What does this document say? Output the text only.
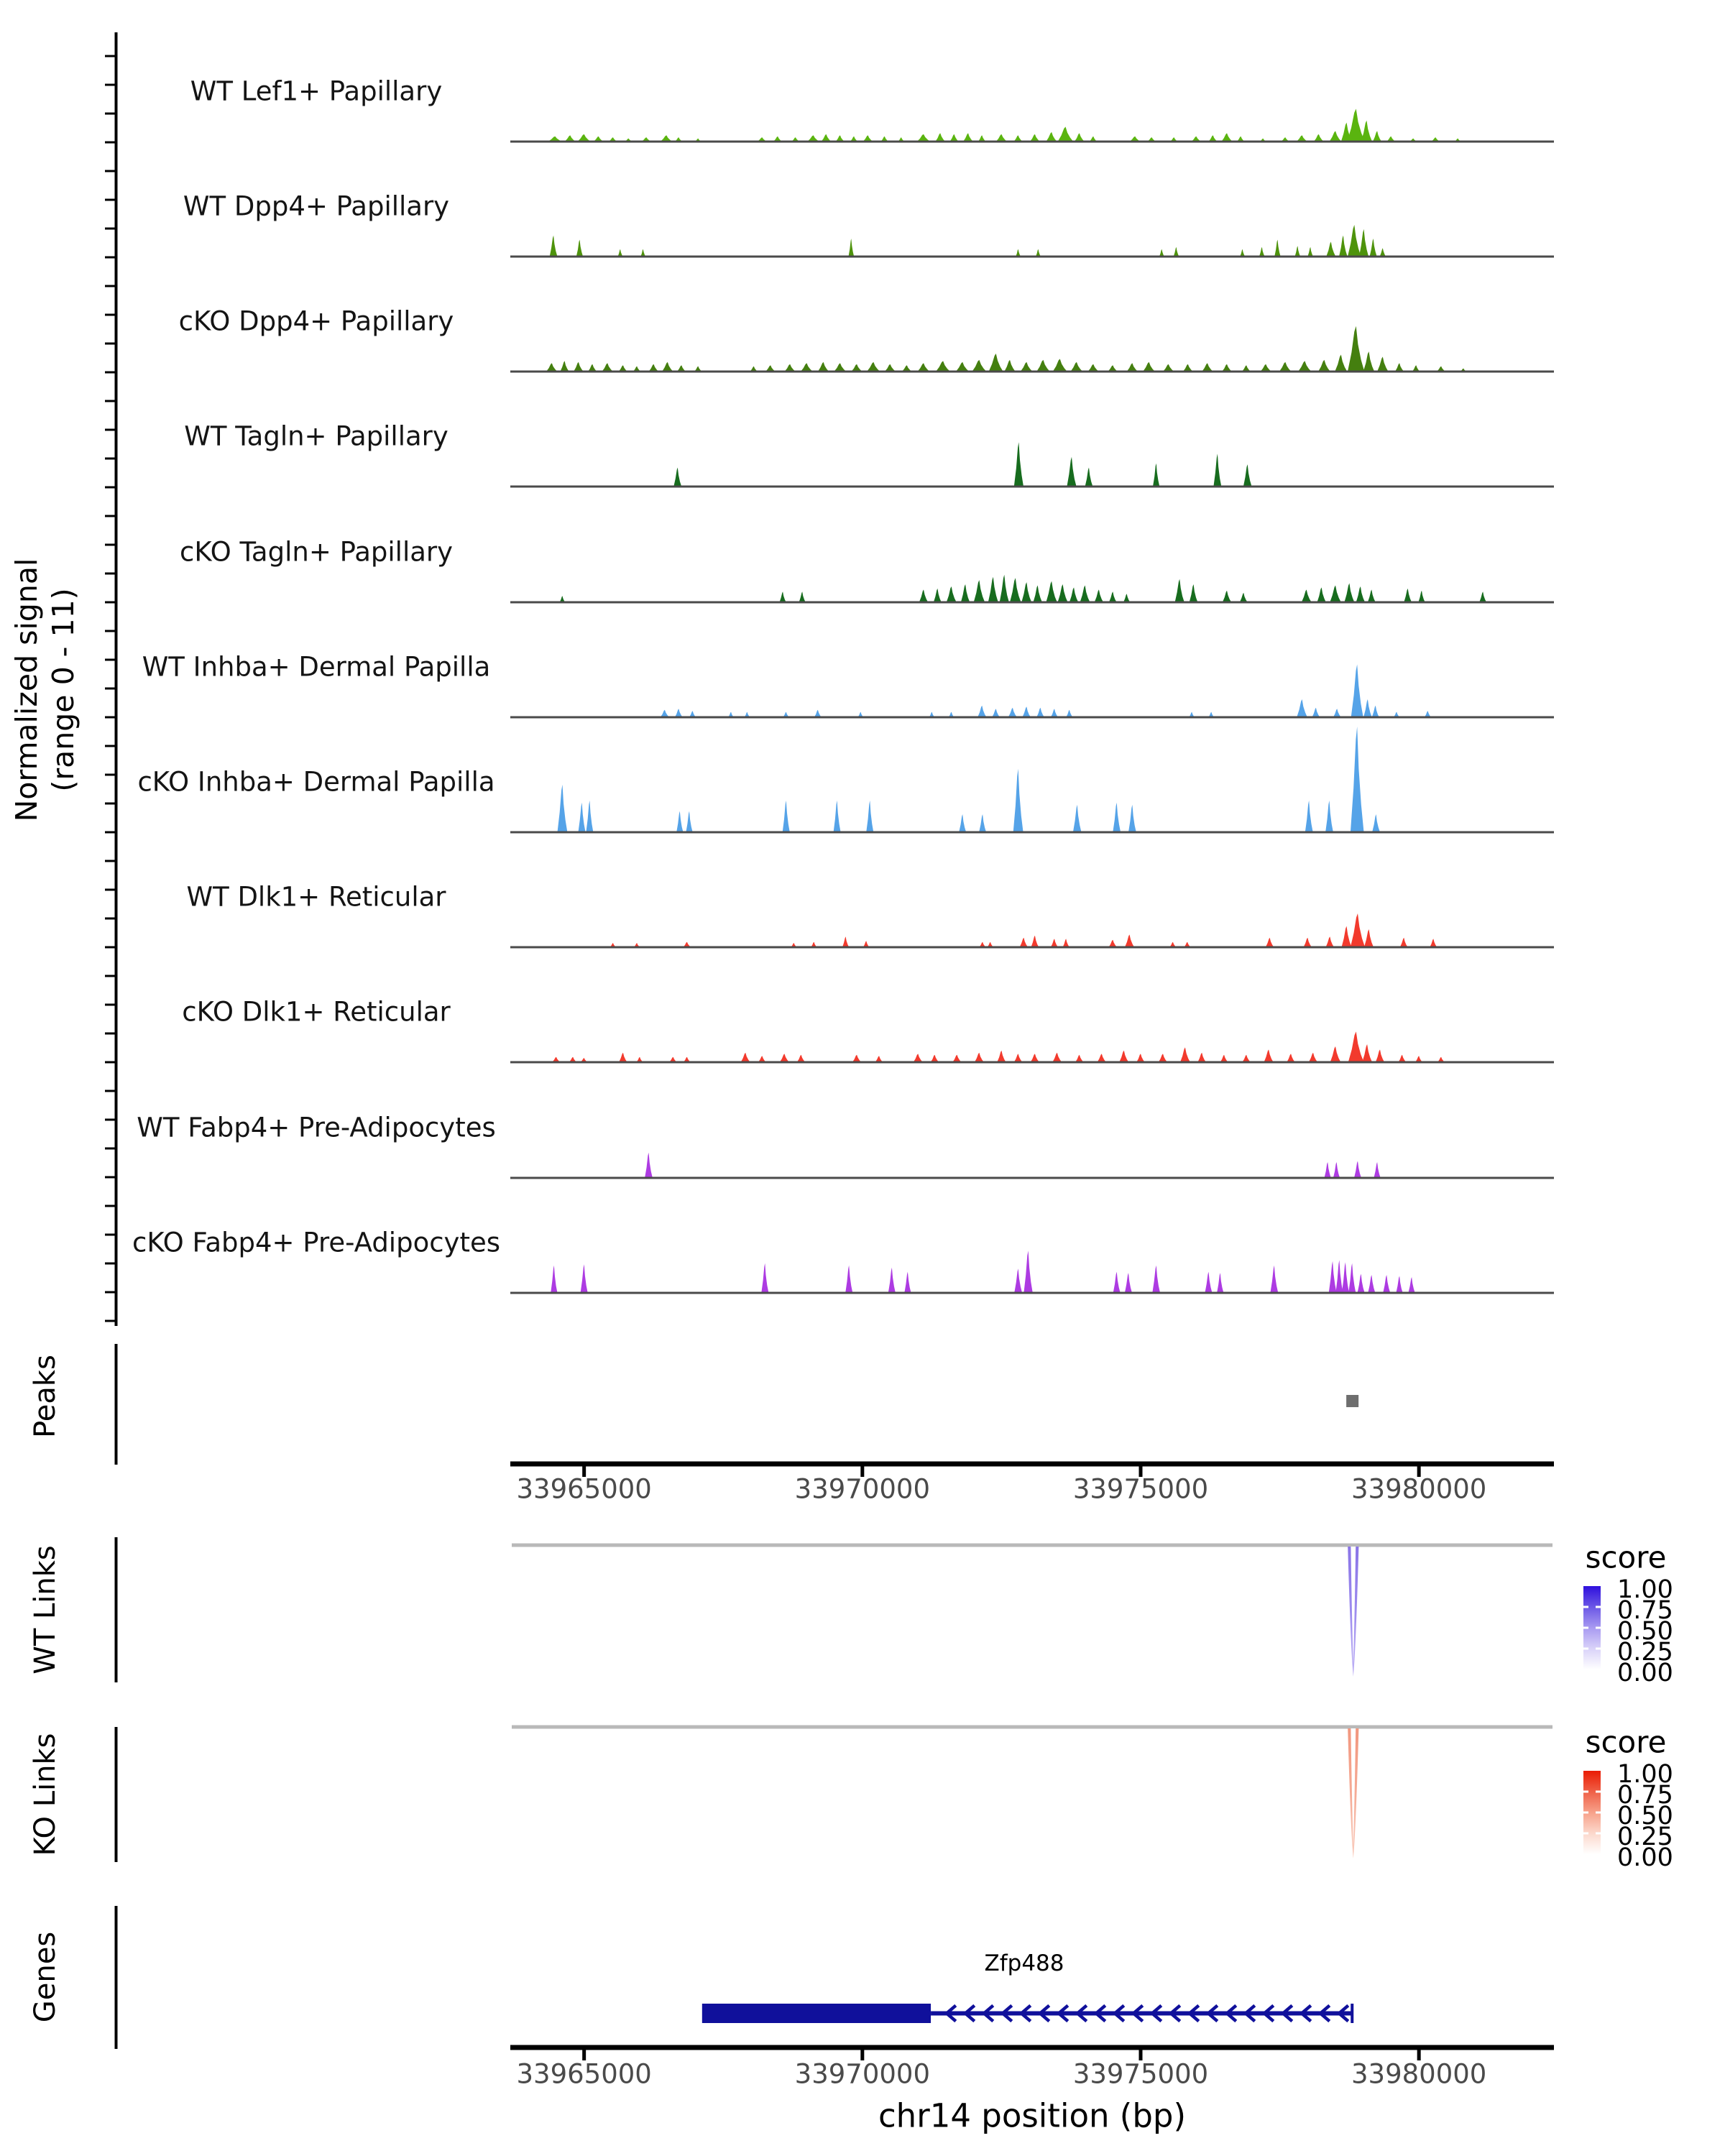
Normalized signal (range 0 - 11)
Peaks
WT Links
KO Links
Genes
score
score
Zfp488
chr14 position (bp)
WT Lef1+ Papillary
WT Dpp4+ Papillary
cKO Dpp4+ Papillary
WT Tagln+ Papillary
cKO Tagln+ Papillary
WT Inhba+ Dermal Papilla
cKO Inhba+ Dermal Papilla
WT Dlk1+ Reticular
cKO Dlk1+ Reticular
WT Fabp4+ Pre-Adipocytes
cKO Fabp4+ Pre-Adipocytes
33965000	33970000	33975000	33980000
33965000	33970000	33975000	33980000
1.00
0.75
0.50
0.25
0.00
1.00
0.75
0.50
0.25
0.00
